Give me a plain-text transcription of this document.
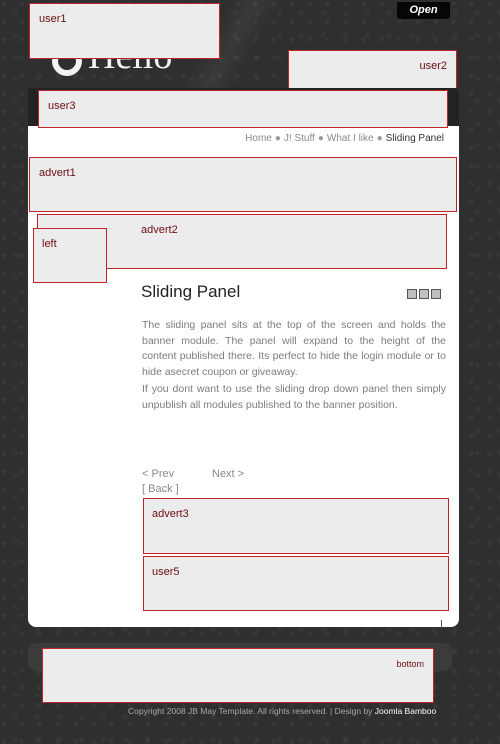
Open
user1
user2
user3
Home ● J! Stuff ● What I like ● Sliding Panel
advert1
advert2
left
Sliding Panel

The sliding panel sits at the top of the screen and holds the banner module. The panel will expand to the height of the content published there. Its perfect to hide the login module or to hide asecret coupon or giveaway.

If you dont want to use the sliding drop down panel then simply unpublish all modules published to the banner position.

< Prev	Next >
[ Back ]
advert3
user5
bottom
Copyright 2008 JB May Template. All rights reserved. | Design by Joomla Bamboo
